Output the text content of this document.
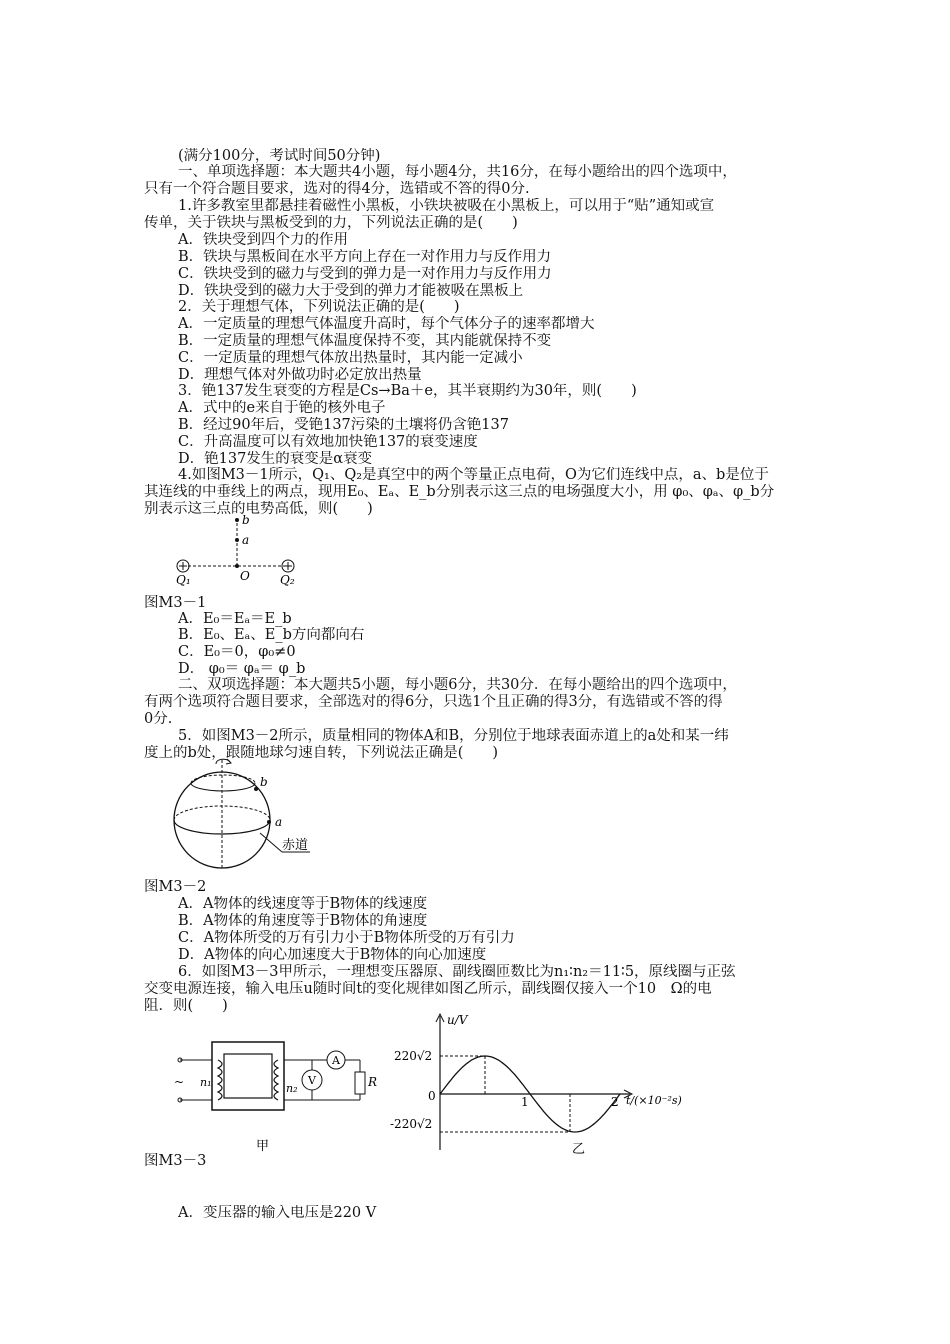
(满分100分，考试时间50分钟)
一、单项选择题：本大题共4小题，每小题4分，共16分，在每小题给出的四个选项中，
只有一个符合题目要求，选对的得4分，选错或不答的得0分.
1.许多教室里都悬挂着磁性小黑板，小铁块被吸在小黑板上，可以用于“贴”通知或宣
传单，关于铁块与黑板受到的力，下列说法正确的是(　　)
A．铁块受到四个力的作用
B．铁块与黑板间在水平方向上存在一对作用力与反作用力
C．铁块受到的磁力与受到的弹力是一对作用力与反作用力
D．铁块受到的磁力大于受到的弹力才能被吸在黑板上
2．关于理想气体，下列说法正确的是(　　)
A．一定质量的理想气体温度升高时，每个气体分子的速率都增大
B．一定质量的理想气体温度保持不变，其内能就保持不变
C．一定质量的理想气体放出热量时，其内能一定减小
D．理想气体对外做功时必定放出热量
3．铯137发生衰变的方程是Cs→Ba＋e，其半衰期约为30年，则(　　)
A．式中的e来自于铯的核外电子
B．经过90年后，受铯137污染的土壤将仍含铯137
C．升高温度可以有效地加快铯137的衰变速度
D．铯137发生的衰变是α衰变
4.如图M3－1所示，Q₁、Q₂是真空中的两个等量正点电荷，O为它们连线中点，a、b是位于
其连线的中垂线上的两点，现用E₀、Eₐ、E_b分别表示这三点的电场强度大小，用 φ₀、φₐ、φ_b分
别表示这三点的电势高低，则(　　)
b
a
O
Q₁	Q₂
图M3－1
A．E₀＝Eₐ＝E_b
B．E₀、Eₐ、E_b方向都向右
C．E₀＝0，φ₀≠0
D． φ₀＝ φₐ＝ φ_b
二、双项选择题：本大题共5小题，每小题6分，共30分．在每小题给出的四个选项中，
有两个选项符合题目要求，全部选对的得6分，只选1个且正确的得3分，有选错或不答的得
0分.
5．如图M3－2所示，质量相同的物体A和B，分别位于地球表面赤道上的a处和某一纬
度上的b处，跟随地球匀速自转，下列说法正确是(　　)
b
a
赤道
图M3－2
A．A物体的线速度等于B物体的线速度
B．A物体的角速度等于B物体的角速度
C．A物体所受的万有引力小于B物体所受的万有引力
D．A物体的向心加速度大于B物体的向心加速度
6．如图M3－3甲所示，一理想变压器原、副线圈匝数比为n₁∶n₂＝11∶5，原线圈与正弦
交变电源连接，输入电压u随时间t的变化规律如图乙所示，副线圈仅接入一个10　Ω的电
阻．则(　　)
V
A
R
n₁	n₂
~
甲
u/V
t/(×10⁻²s)
220√2
0
-220√2
1	2
乙
图M3－3
A．变压器的输入电压是220 V
